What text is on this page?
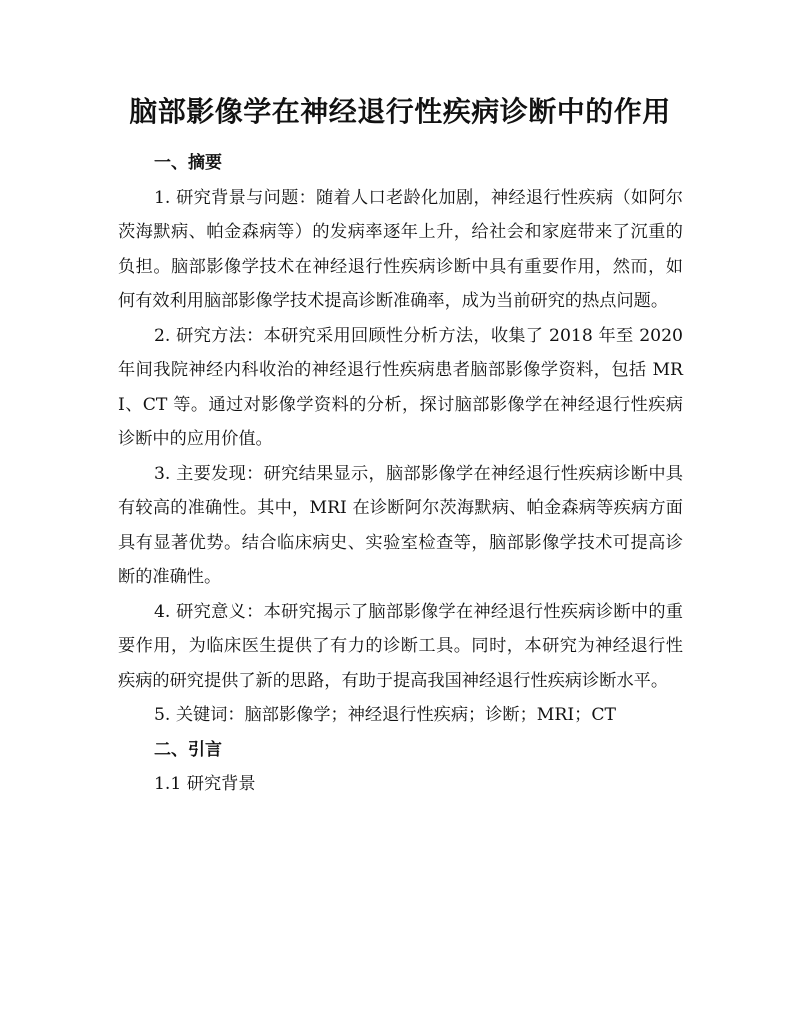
脑部影像学在神经退行性疾病诊断中的作用

一、摘要

1. 研究背景与问题：随着人口老龄化加剧，神经退行性疾病（如阿尔茨海默病、帕金森病等）的发病率逐年上升，给社会和家庭带来了沉重的负担。脑部影像学技术在神经退行性疾病诊断中具有重要作用，然而，如何有效利用脑部影像学技术提高诊断准确率，成为当前研究的热点问题。

2. 研究方法：本研究采用回顾性分析方法，收集了 2018 年至 2020 年间我院神经内科收治的神经退行性疾病患者脑部影像学资料，包括 MRI、CT 等。通过对影像学资料的分析，探讨脑部影像学在神经退行性疾病诊断中的应用价值。

3. 主要发现：研究结果显示，脑部影像学在神经退行性疾病诊断中具有较高的准确性。其中，MRI 在诊断阿尔茨海默病、帕金森病等疾病方面具有显著优势。结合临床病史、实验室检查等，脑部影像学技术可提高诊断的准确性。

4. 研究意义：本研究揭示了脑部影像学在神经退行性疾病诊断中的重要作用，为临床医生提供了有力的诊断工具。同时，本研究为神经退行性疾病的研究提供了新的思路，有助于提高我国神经退行性疾病诊断水平。

5. 关键词：脑部影像学；神经退行性疾病；诊断；MRI；CT

二、引言

1.1 研究背景
